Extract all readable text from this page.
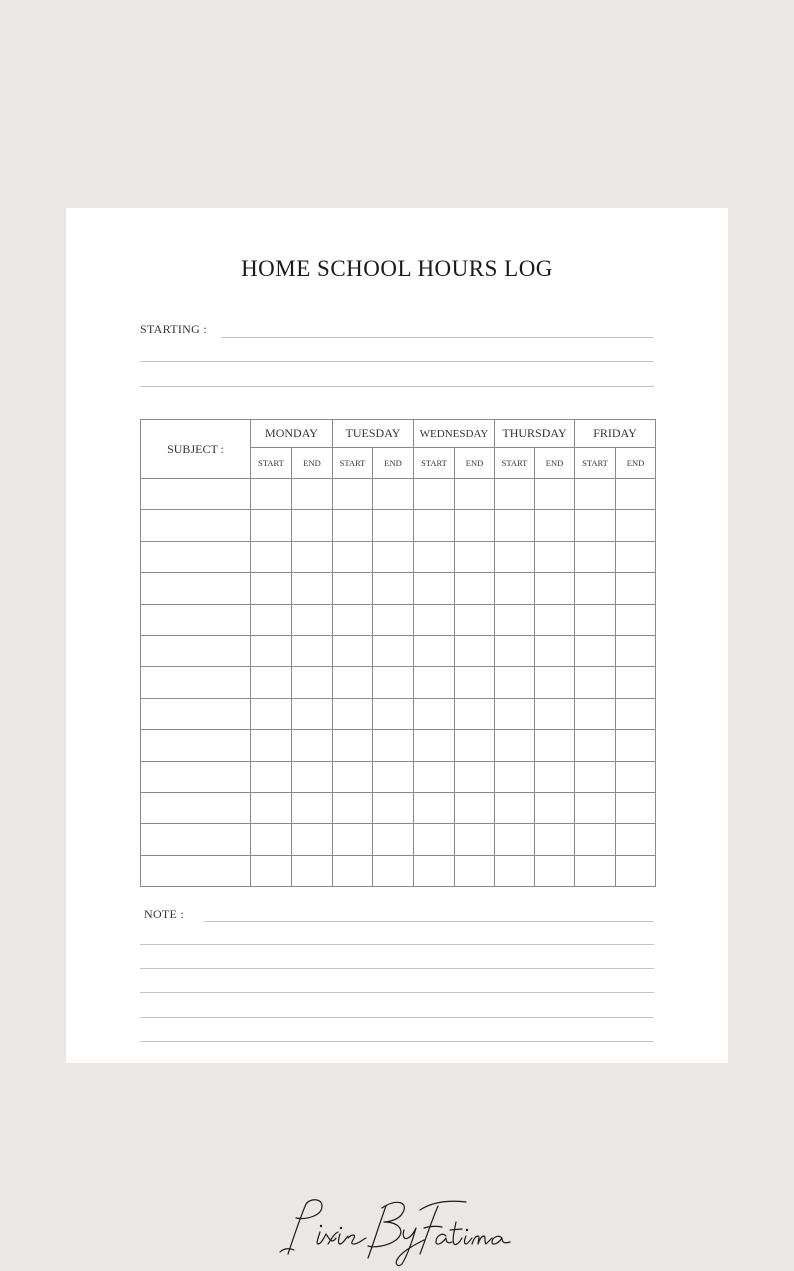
HOME SCHOOL HOURS LOG
STARTING :
SUBJECT :	MONDAY		TUESDAY		WEDNESDAY		THURSDAY		FRIDAY	
	START	END	START	END	START	END	START	END	START	END

NOTE :
